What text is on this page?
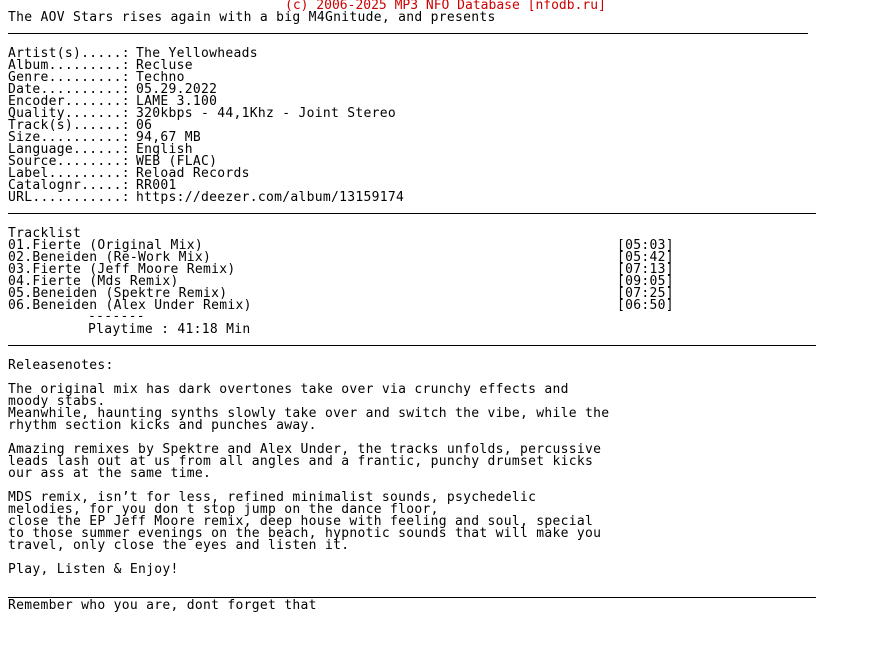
(c) 2006-2025 MP3 NFO Database [nfodb.ru]
The AOV Stars rises again with a big M4Gnitude, and presents
Artist(s).....: The Yellowheads
Album.........: Recluse
Genre.........: Techno
Date..........: 05.29.2022
Encoder.......: LAME 3.100
Quality.......: 320kbps - 44,1Khz - Joint Stereo
Track(s)......: 06
Size..........: 94,67 MB
Language......: English
Source........: WEB (FLAC)
Label.........: Reload Records
Catalognr.....: RR001
URL...........: https://deezer.com/album/13159174
Tracklist
01.Fierte (Original Mix)	[05:03]
02.Beneiden (Re-Work Mix)	[05:42]
03.Fierte (Jeff Moore Remix)	[07:13]
04.Fierte (Mds Remix)	[09:05]
05.Beneiden (Spektre Remix)	[07:25]
06.Beneiden (Alex Under Remix)	[06:50]
-------
Playtime : 41:18 Min
Releasenotes:
The original mix has dark overtones take over via crunchy effects and
moody stabs.
Meanwhile, haunting synths slowly take over and switch the vibe, while the
rhythm section kicks and punches away.
Amazing remixes by Spektre and Alex Under, the tracks unfolds, percussive
leads lash out at us from all angles and a frantic, punchy drumset kicks
our ass at the same time.
MDS remix, isn’t for less, refined minimalist sounds, psychedelic
melodies, for you don t stop jump on the dance floor,
close the EP Jeff Moore remix, deep house with feeling and soul, special
to those summer evenings on the beach, hypnotic sounds that will make you
travel, only close the eyes and listen it.
Play, Listen & Enjoy!
Remember who you are, dont forget that
